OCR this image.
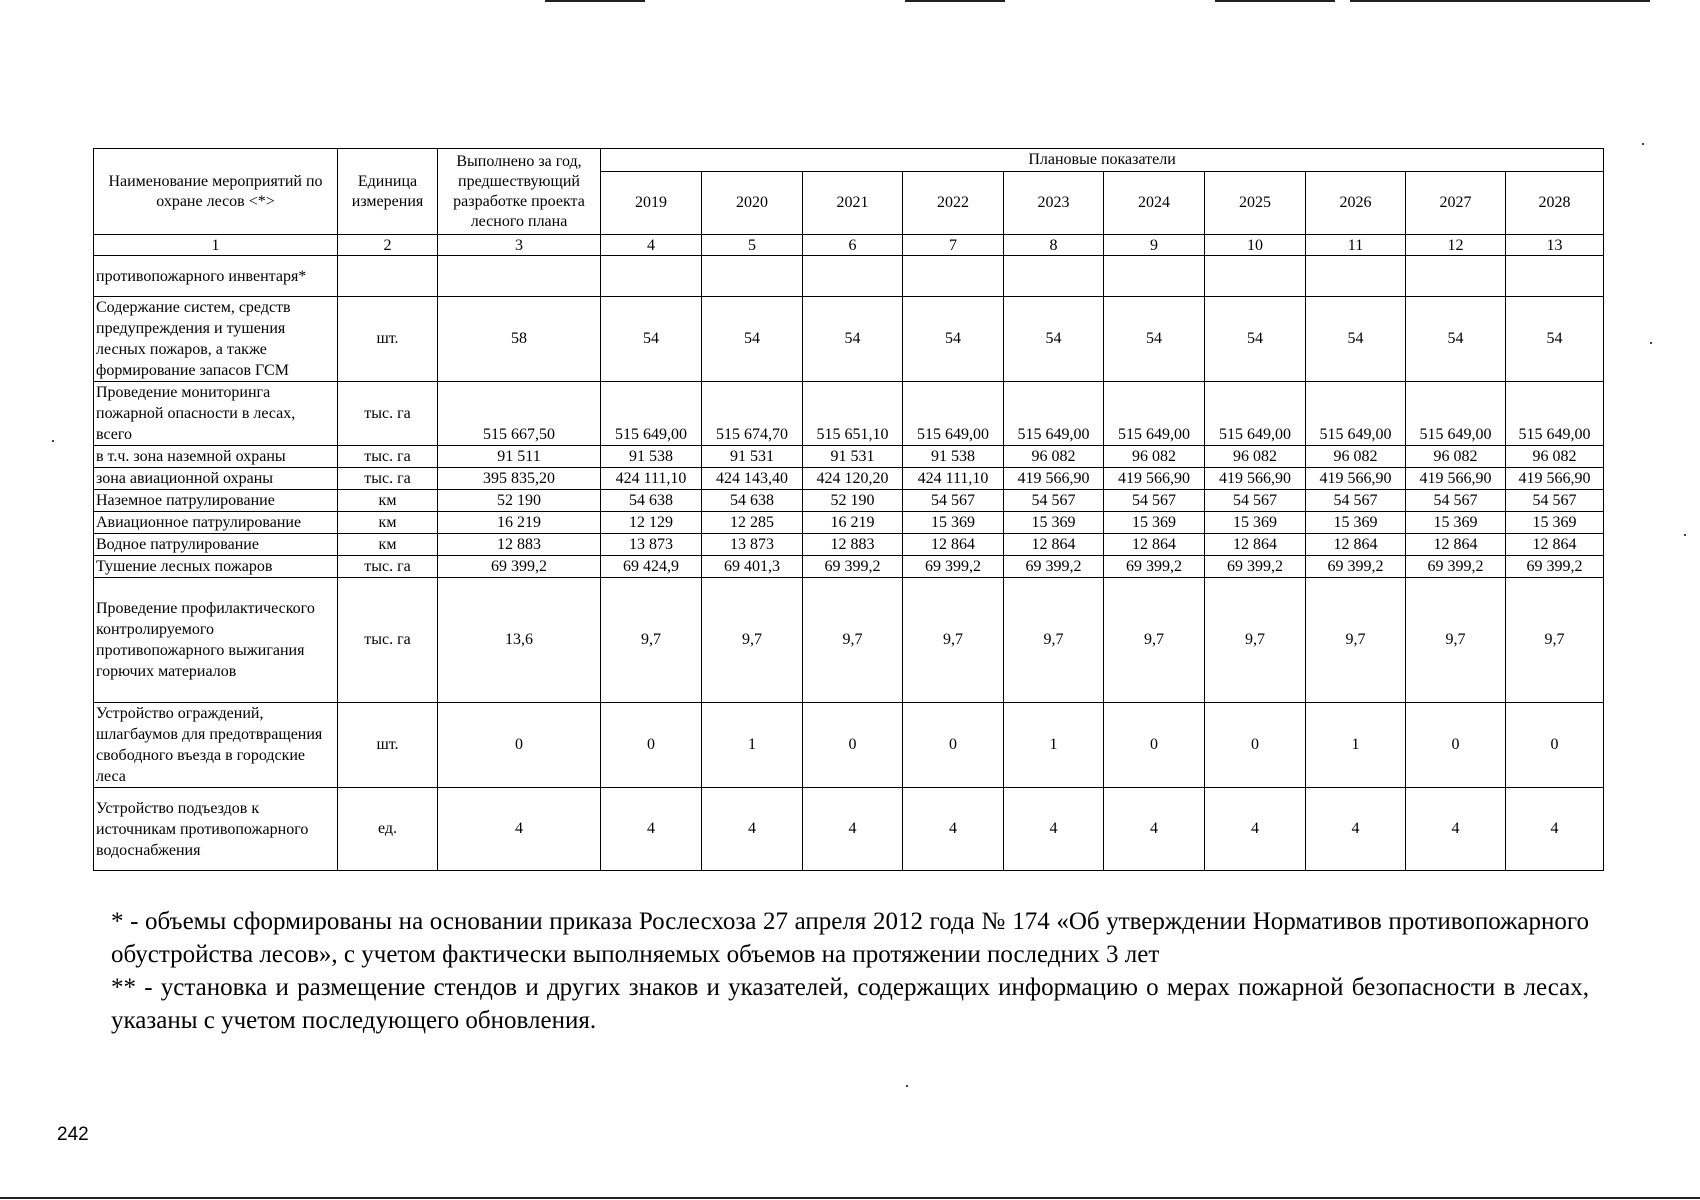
Наименование мероприятий по охране лесов <*>	Единица измерения	Выполнено за год, предшествующий разработке проекта лесного плана	Плановые показатели									
			2019	2020	2021	2022	2023	2024	2025	2026	2027	2028
1	2	3	4	5	6	7	8	9	10	11	12	13
противопожарного инвентаря*												
Содержание систем, средств предупреждения и тушения лесных пожаров, а также формирование запасов ГСМ	шт.	58	54	54	54	54	54	54	54	54	54	54
Проведение мониторинга пожарной опасности в лесах, всего	тыс. га	515 667,50	515 649,00	515 674,70	515 651,10	515 649,00	515 649,00	515 649,00	515 649,00	515 649,00	515 649,00	515 649,00
в т.ч. зона наземной охраны	тыс. га	91 511	91 538	91 531	91 531	91 538	96 082	96 082	96 082	96 082	96 082	96 082
зона авиационной охраны	тыс. га	395 835,20	424 111,10	424 143,40	424 120,20	424 111,10	419 566,90	419 566,90	419 566,90	419 566,90	419 566,90	419 566,90
Наземное патрулирование	км	52 190	54 638	54 638	52 190	54 567	54 567	54 567	54 567	54 567	54 567	54 567
Авиационное патрулирование	км	16 219	12 129	12 285	16 219	15 369	15 369	15 369	15 369	15 369	15 369	15 369
Водное патрулирование	км	12 883	13 873	13 873	12 883	12 864	12 864	12 864	12 864	12 864	12 864	12 864
Тушение лесных пожаров	тыс. га	69 399,2	69 424,9	69 401,3	69 399,2	69 399,2	69 399,2	69 399,2	69 399,2	69 399,2	69 399,2	69 399,2
Проведение профилактического контролируемого противопожарного выжигания горючих материалов	тыс. га	13,6	9,7	9,7	9,7	9,7	9,7	9,7	9,7	9,7	9,7	9,7
Устройство ограждений, шлагбаумов для предотвращения свободного въезда в городские леса	шт.	0	0	1	0	0	1	0	0	1	0	0
Устройство подъездов к источникам противопожарного водоснабжения	ед.	4	4	4	4	4	4	4	4	4	4	4

* - объемы сформированы на основании приказа Рослесхоза 27 апреля 2012 года № 174 «Об утверждении Нормативов противопожарного обустройства лесов», с учетом фактически выполняемых объемов на протяжении последних 3 лет

** - установка и размещение стендов и других знаков и указателей, содержащих информацию о мерах пожарной безопасности в лесах, указаны с учетом последующего обновления.

242
